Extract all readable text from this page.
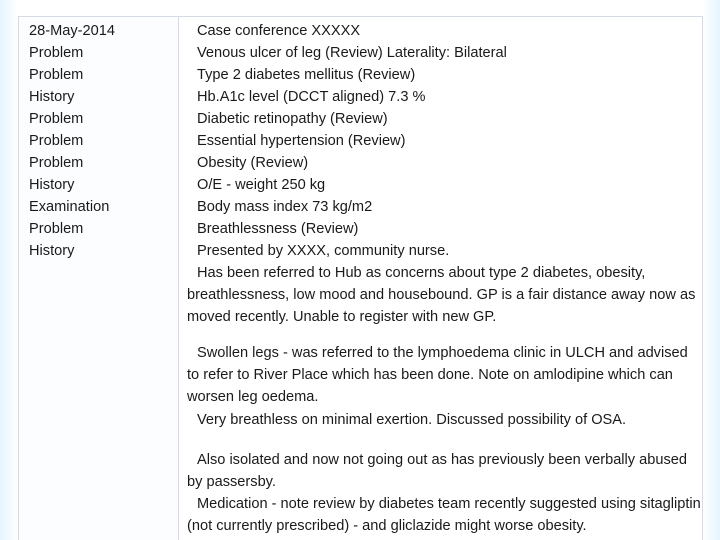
28-May-2014
Problem
Problem
History
Problem
Problem
Problem
History
Examination
Problem
History
Case conference XXXXX
Venous ulcer of leg (Review) Laterality: Bilateral
Type 2 diabetes mellitus (Review)
Hb.A1c level (DCCT aligned) 7.3 %
Diabetic retinopathy (Review)
Essential hypertension (Review)
Obesity (Review)
O/E - weight 250 kg
Body mass index 73 kg/m2
Breathlessness (Review)
Presented by XXXX, community nurse.
Has been referred to Hub as concerns about type 2 diabetes, obesity, breathlessness, low mood and housebound. GP is a fair distance away now as moved recently. Unable to register with new GP.
Swollen legs - was referred to the lymphoedema clinic in ULCH and advised to refer to River Place which has been done. Note on amlodipine which can worsen leg oedema.
Very breathless on minimal exertion. Discussed possibility of OSA.
Also isolated and now not going out as has previously been verbally abused by passersby.
Medication - note review by diabetes team recently suggested using sitagliptin (not currently prescribed) - and gliclazide might worse obesity.
